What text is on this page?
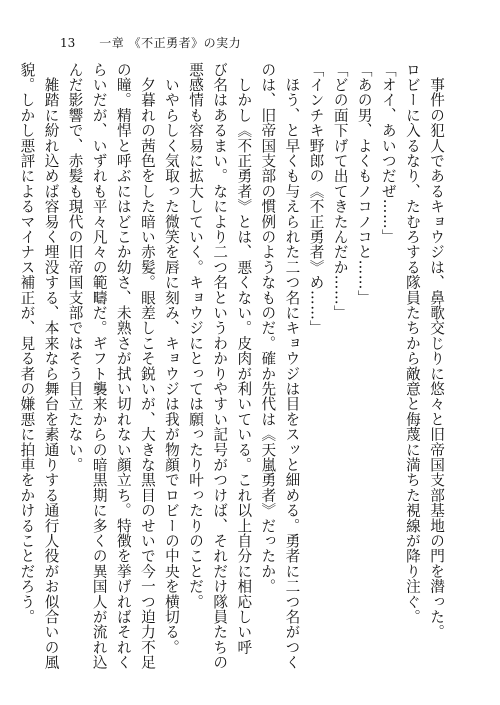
13 一章 《不正勇者》の実力

　事件の犯人であるキョウジは、鼻歌交じりに悠々と旧帝国支部基地の門を潜った。

ロビーに入るなり、たむろする隊員たちから敵意と侮蔑に満ちた視線が降り注ぐ。

「オイ、あいつだぜ……」

「あの男、よくもノコノコと……」

「どの面下げて出てきたんだか……」

「インチキ野郎の《不正勇者》め……」

　ほう、と早くも与えられた二つ名にキョウジは目をスッと細める。勇者に二つ名がつく

のは、旧帝国支部の慣例のようなものだ。確か先代は《天嵐勇者》だったか。

　しかし《不正勇者》とは、悪くない。皮肉が利いている。これ以上自分に相応しい呼

び名はあるまい。なにより二つ名というわかりやすい記号がつけば、それだけ隊員たちの

悪感情も容易に拡大していく。キョウジにとっては願ったり叶ったりのことだ。

　いやらしく気取った微笑を唇に刻み、キョウジは我が物顔でロビーの中央を横切る。

　夕暮れの茜色をした暗い赤髪。眼差しこそ鋭いが、大きな黒目のせいで今一つ迫力不足

の瞳。精悍と呼ぶにはどこか幼さ、未熟さが拭い切れない顔立ち。特徴を挙げればそれく

らいだが、いずれも平々凡々の範疇だ。ギフト襲来からの暗黒期に多くの異国人が流れ込

んだ影響で、赤髪も現代の旧帝国支部ではそう目立たない。

　雑踏に紛れ込めば容易く埋没する、本来なら舞台を素通りする通行人役がお似合いの風

貌。しかし悪評によるマイナス補正が、見る者の嫌悪に拍車をかけることだろう。
